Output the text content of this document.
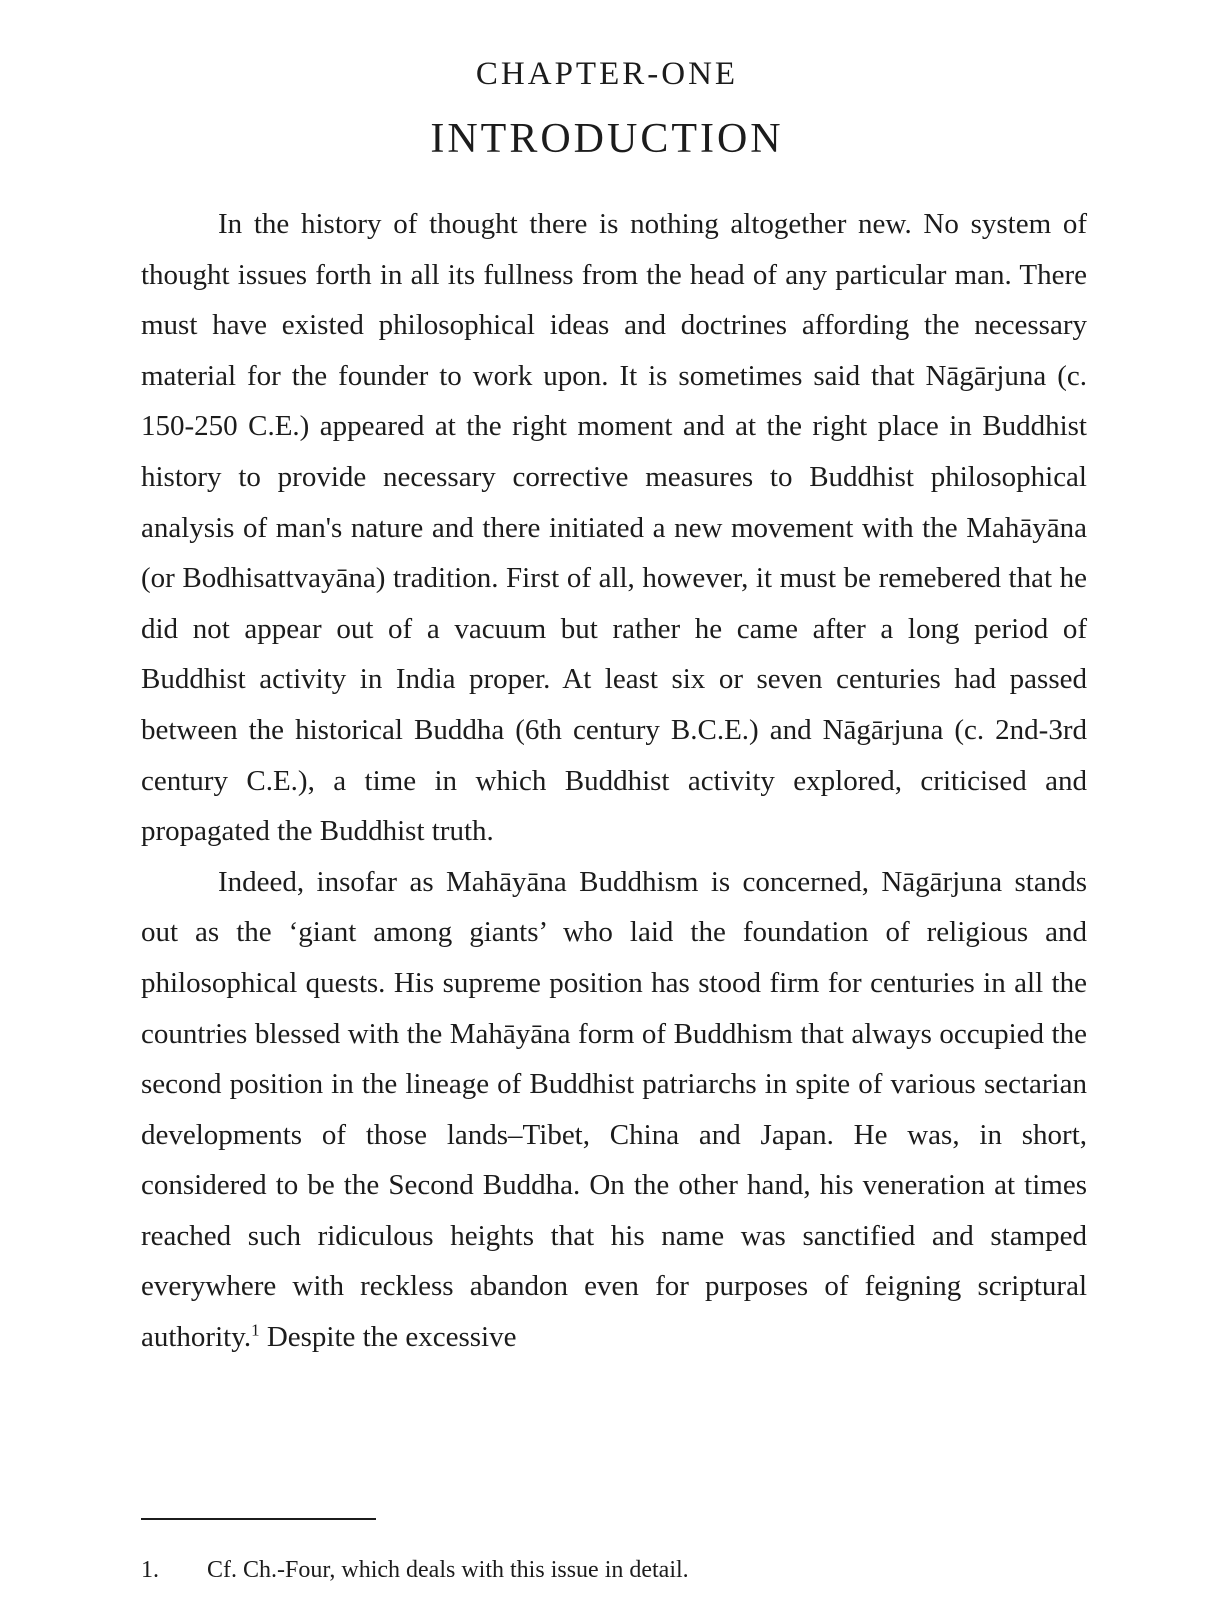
CHAPTER-ONE
INTRODUCTION

In the history of thought there is nothing altogether new. No system of thought issues forth in all its fullness from the head of any particular man. There must have existed philosophical ideas and doctrines affording the necessary material for the founder to work upon. It is sometimes said that Nāgārjuna (c. 150-250 C.E.) appeared at the right moment and at the right place in Buddhist history to provide necessary corrective measures to Buddhist philosophical analysis of man's nature and there initiated a new movement with the Mahāyāna (or Bodhisattvayāna) tradition. First of all, however, it must be remebered that he did not appear out of a vacuum but rather he came after a long period of Buddhist activity in India proper. At least six or seven centuries had passed between the historical Buddha (6th century B.C.E.) and Nāgārjuna (c. 2nd-3rd century C.E.), a time in which Buddhist activity explored, criticised and propagated the Buddhist truth.

Indeed, insofar as Mahāyāna Buddhism is concerned, Nāgārjuna stands out as the ‘giant among giants’ who laid the foundation of religious and philosophical quests. His supreme position has stood firm for centuries in all the countries blessed with the Mahāyāna form of Buddhism that always occupied the second position in the lineage of Buddhist patriarchs in spite of various sectarian developments of those lands–Tibet, China and Japan. He was, in short, considered to be the Second Buddha. On the other hand, his veneration at times reached such ridiculous heights that his name was sanctified and stamped everywhere with reckless abandon even for purposes of feigning scriptural authority.$^1$ Despite the excessive

1. Cf. Ch.-Four, which deals with this issue in detail.
